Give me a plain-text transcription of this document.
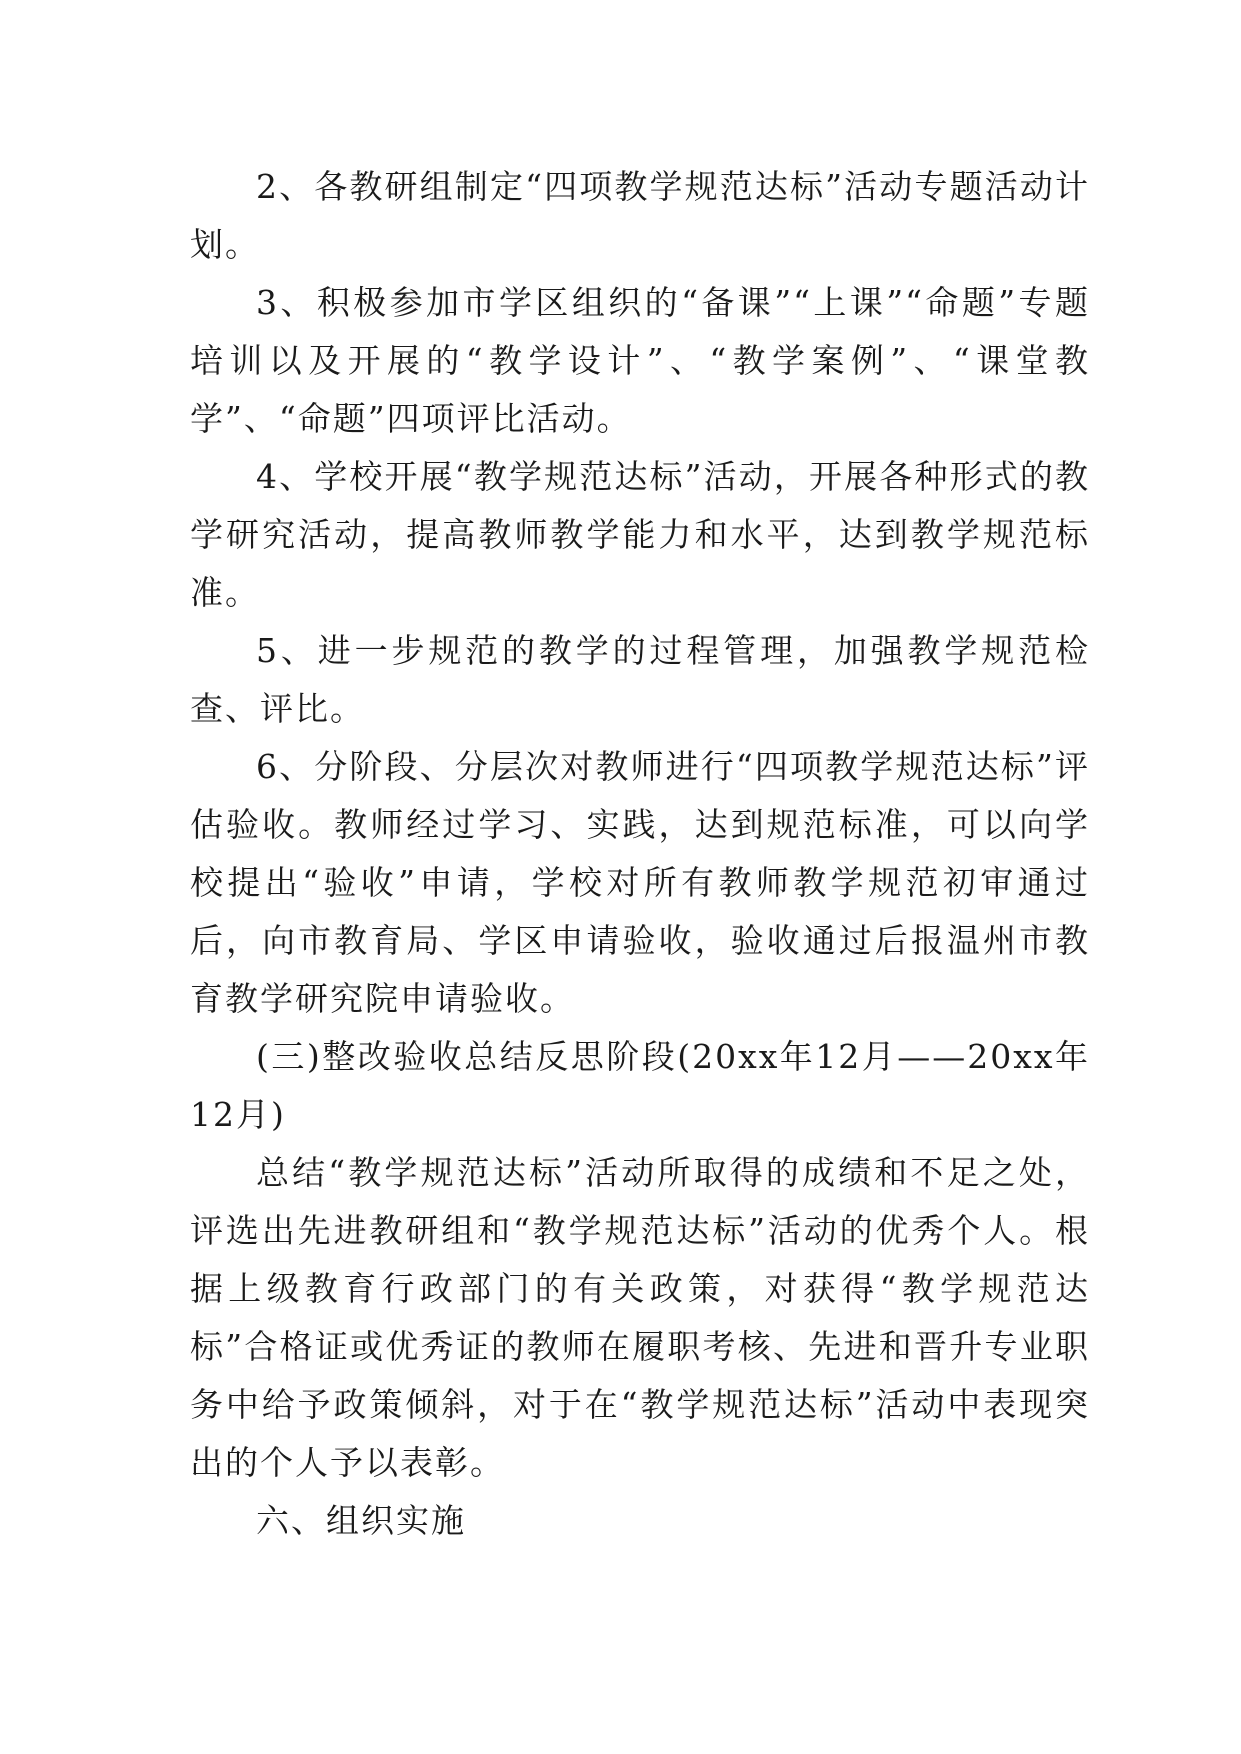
2、各教研组制定“四项教学规范达标”活动专题活动计划。

3、积极参加市学区组织的“备课”“上课”“命题”专题培训以及开展的“教学设计”、“教学案例”、“课堂教学”、“命题”四项评比活动。

4、学校开展“教学规范达标”活动，开展各种形式的教学研究活动，提高教师教学能力和水平，达到教学规范标准。

5、进一步规范的教学的过程管理，加强教学规范检查、评比。

6、分阶段、分层次对教师进行“四项教学规范达标”评估验收。教师经过学习、实践，达到规范标准，可以向学校提出“验收”申请，学校对所有教师教学规范初审通过后，向市教育局、学区申请验收，验收通过后报温州市教育教学研究院申请验收。

(三)整改验收总结反思阶段(20xx年12月——20xx年12月)

总结“教学规范达标”活动所取得的成绩和不足之处，评选出先进教研组和“教学规范达标”活动的优秀个人。根据上级教育行政部门的有关政策，对获得“教学规范达标”合格证或优秀证的教师在履职考核、先进和晋升专业职务中给予政策倾斜，对于在“教学规范达标”活动中表现突出的个人予以表彰。

六、组织实施
